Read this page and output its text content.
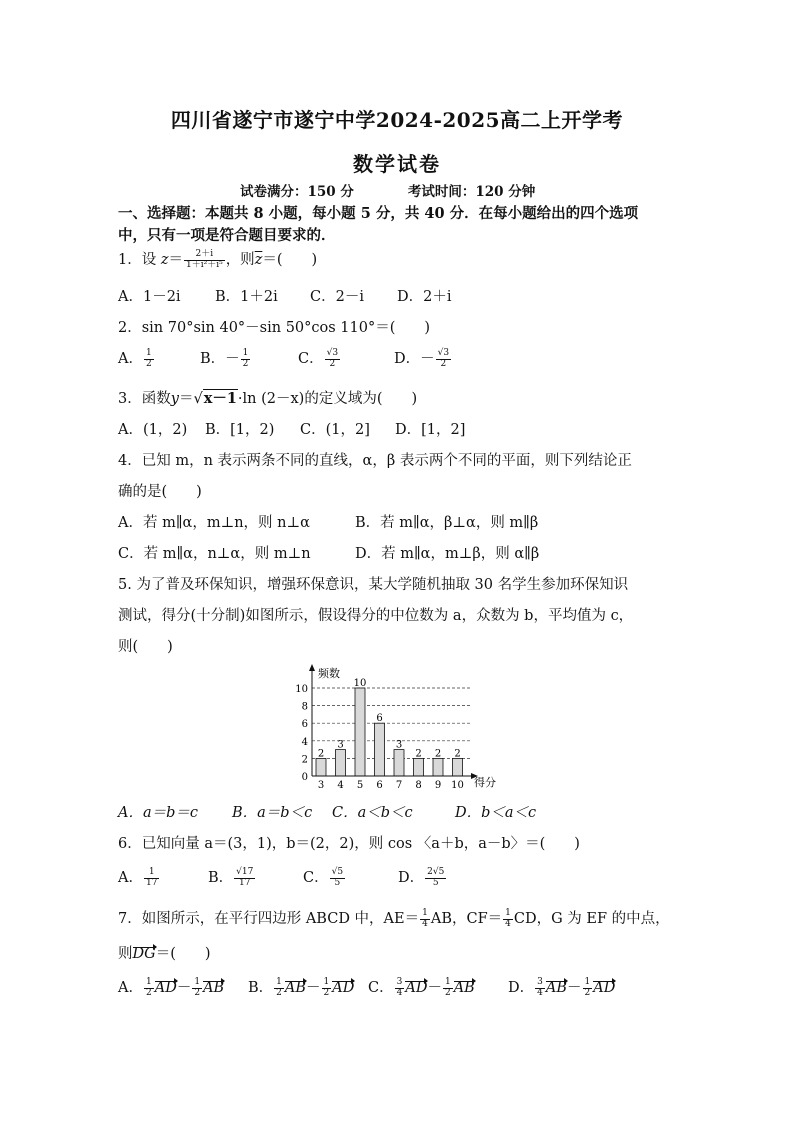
四川省遂宁市遂宁中学2024-2025高二上开学考
数学试卷
试卷满分：150 分	考试时间：120 分钟
一、选择题：本题共 8 小题，每小题 5 分，共 40 分．在每小题给出的四个选项
中，只有一项是符合题目要求的．
1．设 $z= \frac{2+i}{\text{1＋i²＋i⁵}}$ ，则$\overline{z}=$(　　)
A．1－2i B．1＋2i C．2－i D．2＋i
2．sin 70°sin 40°－sin 50°cos 110°＝(　　)
A． $\frac{1}{2}$	B．－ $\frac{1}{2}$	C． $\frac{√3}{2}$	D．－ $\frac{√3}{2}$
3．函数y＝√x－1·ln (2－x)的定义域为(　　)
A．(1，2) B．[1，2) C．(1，2] D．[1，2]
4．已知 m，n 表示两条不同的直线，α，β 表示两个不同的平面，则下列结论正
确的是(　　)
A．若 m∥α，m⊥n，则 n⊥α	B．若 m∥α，β⊥α，则 m∥β
C．若 m∥α，n⊥α，则 m⊥n	D．若 m∥α，m⊥β，则 α∥β
5. 为了普及环保知识，增强环保意识，某大学随机抽取 30 名学生参加环保知识
测试，得分(十分制)如图所示，假设得分的中位数为 a，众数为 b，平均值为 c，
则(　　)
0
2
4
6
8
10
2
3
3
4
10
5
6
6
3
7
2
8
2
9
2
10
频数
得分
A．a＝b＝c B．a＝b＜c C．a＜b＜c	D．b＜a＜c
6．已知向量 a＝(3，1)，b＝(2，2)，则 cos 〈a＋b，a－b〉＝(　　)
A． $\frac{1}{17}$	B． $\frac{√17}{17}$	C． $\frac{√5}{5}$	D． $\frac{2√5}{5}$
7．如图所示，在平行四边形 ABCD 中，$AE= \frac{1}{4}$ AB，$CF= \frac{1}{4}$ CD，G 为 EF 的中点，
则DG＝(　　)
A． $\frac{1}{2} AD- \frac{1}{2}$ AB B． $\frac{1}{2} AB- \frac{1}{2}$ AD C． $\frac{3}{4} AD- \frac{1}{2}$ AB D． $\frac{3}{4} AB- \frac{1}{2}$ AD
